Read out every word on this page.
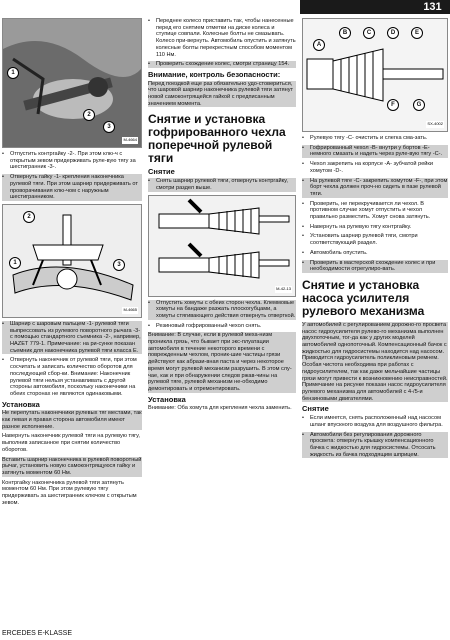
131
1
2
3
M-4664
•	Отпустить контргайку -2-. При этом клю-ч с открытым зевом придерживать руле-вую тягу за шестигранник -3-.
•	Отвернуть гайку -1- крепления наконечника рулевой тяги. При этом шарнир придерживать от проворачивания клю-чом с наружным шестигранником.
1
2
3
M-4665
•	Шарнир с шаровым пальцем -1- рулевой тяги выпрессовать из рулевого поворотного рычага -3- с помощью стандартного съемника -2-, например, HAZET 779-1. Примечание: на ри-сунке показан съемник для наконечника рулевой тяги класса E.
•	Отвернуть наконечник от рулевой тяги, при этом сосчитать и записать количество оборотов для последующей сбор-ки. Внимание: Наконечник рулевой тяги нельзя устанавливать с другой стороны автомобиля, поскольку наконечники на обеих сторонах не являются одинаковыми.
Установка

Не перепутать наконечники рулевых тяг местами, так как левая и правая сторона автомобиля имеют разное исполнение.

Навернуть наконечник рулевой тяги на рулевую тягу, выполнив записанное при снятии количество оборотов.

Вставить шарнир наконечника в рулевой поворотный рычаг, установить новую самоконтрящуюся гайку и затянуть моментом 60 Нм.

Контргайку наконечника рулевой тяги затянуть моментом 60 Нм. При этом рулевую тягу придерживать за шестигранник ключом с открытым зевом.

•	Переднее колесо приставить так, чтобы нанесенные перед его снятием отметки на диске колеса и ступице совпали. Колесные болты не смазывать. Колесо при-вернуть. Автомобиль опустить и затянуть колесные болты перекрестным способом моментом 110 Нм.
•	Проверить схождение колес, смотри страницу 154.
Внимание, контроль безопасности:

Перед поездкой еще раз обязательно удо-стовериться, что шаровой шарнир наконечника рулевой тяги затянут новой самоконтрящейся гайкой с предписанным значением момента.

Снятие и установка гофрированного чехла поперечной рулевой тяги
Снятие
•	Снять шарнир рулевой тяги, отвернуть контргайку, смотри раздел выше.
M-42-13
•	Отпустить хомуты с обеих сторон чехла. Клеммовые хомуты на бандаже разжать плоскогубцами, а хомуты стягивающего действия отвернуть отверткой.
•	Резиновый гофрированный чехол снять.

Внимание: В случае, если в рулевой меха-низм проникла грязь, что бывает при экс-плуатации автомобиля в течение некоторого времени с поврежденным чехлом, проник-шие частицы грязи действуют как абрази-вная паста и через некоторое время могут рулевой механизм разрушить. В этом слу-чае, как и при обнаружении следов ржав-чины на рулевой тяге, рулевой механизм не-обходимо демонтировать и отремонтировать.

Установка

Внимание: Оба хомута для крепления чехла заменить.

A
B	C	D	E
F	G
SX-4002
•	Рулевую тягу -С- очистить и слегка сма-зать.
•	Гофрированный чехол -В- внутри у бортов -Е- немного смазать и надеть через руле-вую тягу -С-.
•	Чехол закрепить на корпусе -А- зубчатой рейки хомутом -D-.
•	На рулевой тяге -С- закрепить хомутом -F-, при этом борт чехла должен проч-но сидеть в пазе рулевой тяги.
•	Проверить, не перекручивается ли чехол. В противном случае хомут отпустить и чехол правильно разместить. Хомут снова затянуть.
•	Навернуть на рулевую тягу контргайку.
•	Установить шарнир рулевой тяги, смотри соответствующий раздел.
•	Автомобиль опустить.
•	Проверить в мастерской схождение колес и при необходимости отрегулиро-вать.
Снятие и установка насоса усилителя рулевого механизма

У автомобилей с регулированием дорожно-го просвета насос гидроусилителя рулево-го механизма выполнен двухпоточным, тог-да как у других моделей автомобилей однопоточный. Компенсационный бачок с жидкостью для гидросистемы находится над насосом. Приводится гидроусилитель поликлиновым ремнем. Особая чистота необходима при работах с гидроусилителем, так как даже мельчайшие частицы грязи могут привести к возникновению неисправностей. Примечание на рисунке показан насос гидроусилителя рулевого механизма для автомобилей с 4-/5-и бензиновыми двигателями.

Снятие
•	Если имеется, снять расположенный над насосом шланг впускного воздуха для воздушного фильтра.
•	Автомобили без регулирования дорожного просвета: отвернуть крышку компенсационного бачка с жидкостью для гидросистемы. Отсосать жидкость из бачка подходящим шприцем.
ERCEDES E-KLASSE
